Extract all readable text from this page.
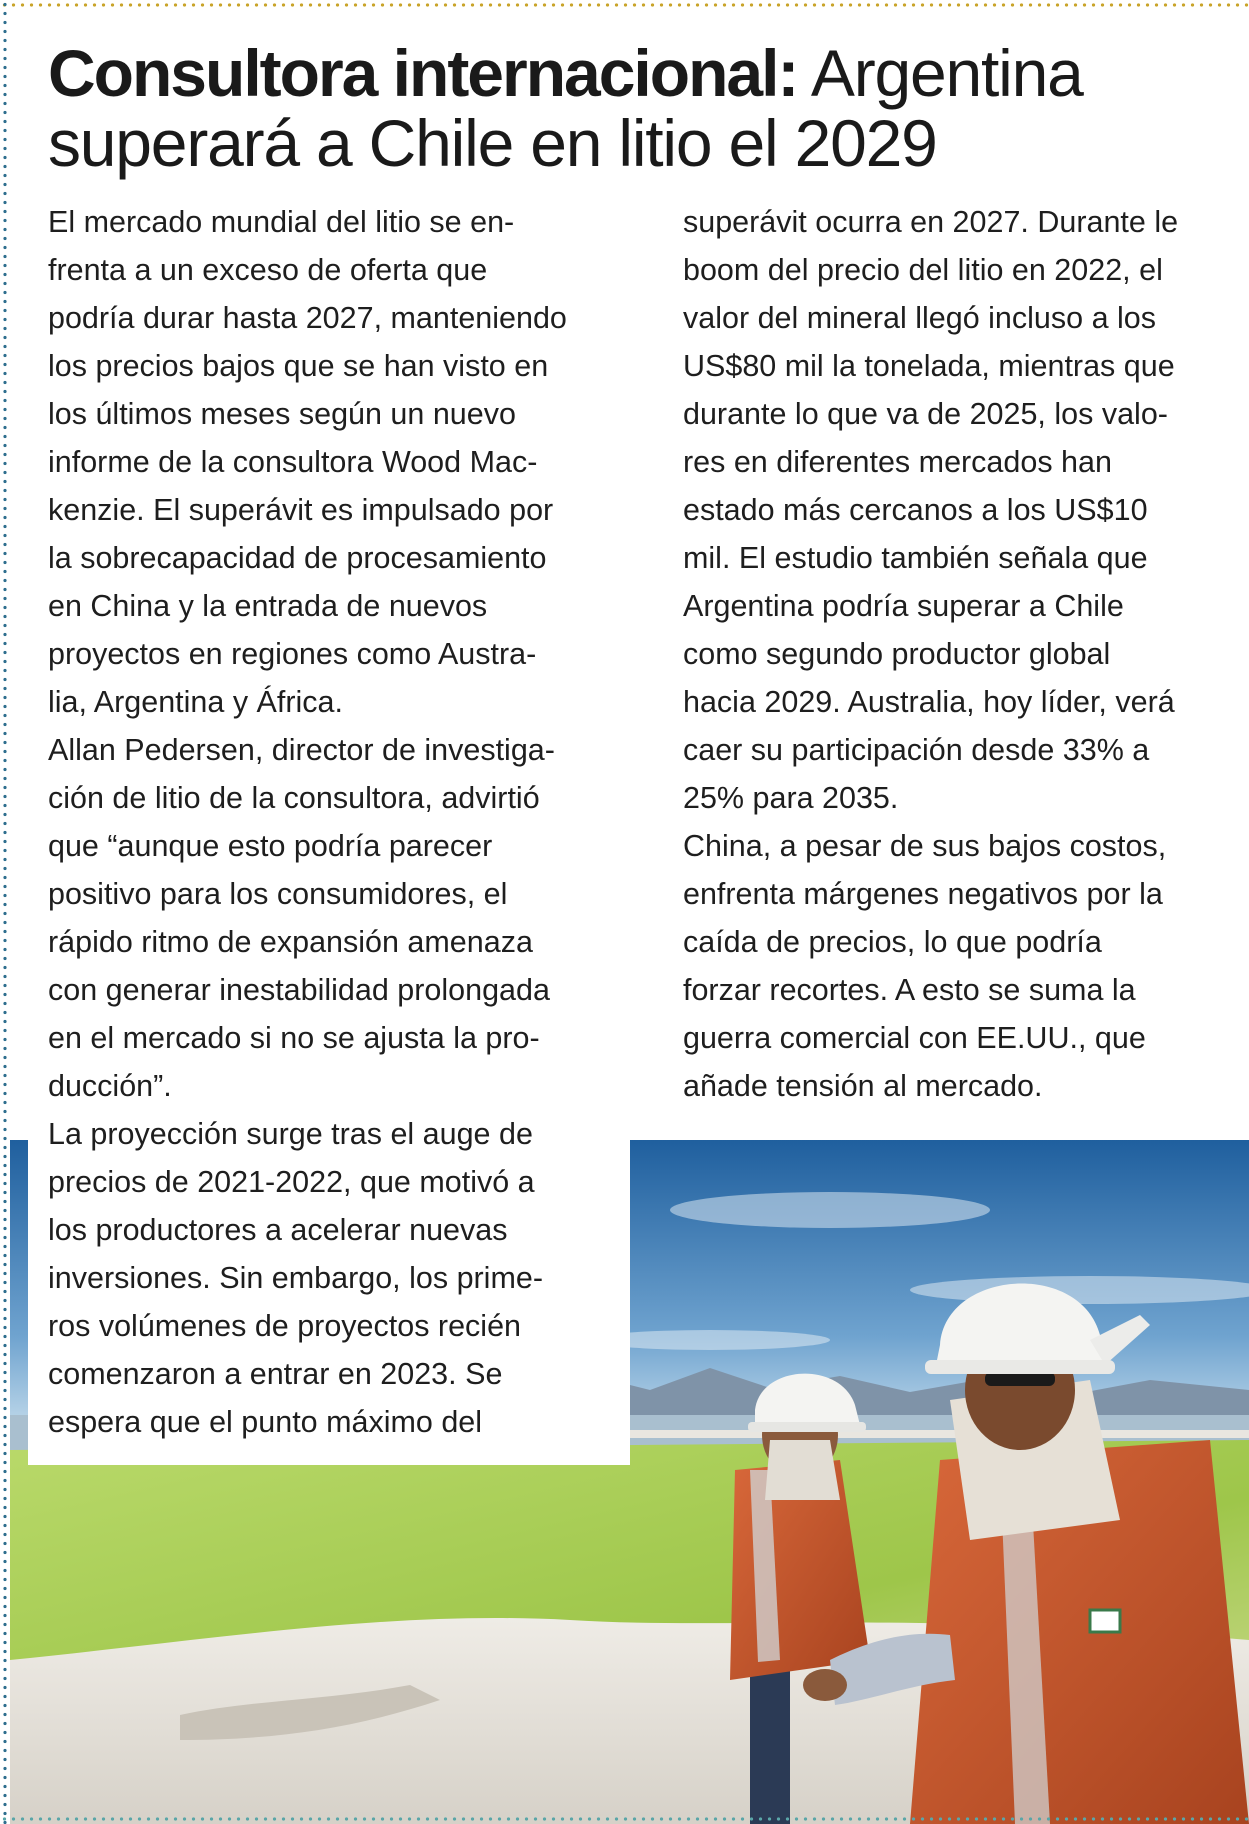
Consultora internacional: Argentina
superará a Chile en litio el 2029

El mercado mundial del litio se en-
frenta a un exceso de oferta que
podría durar hasta 2027, manteniendo
los precios bajos que se han visto en
los últimos meses según un nuevo
informe de la consultora Wood Mac-
kenzie. El superávit es impulsado por
la sobrecapacidad de procesamiento
en China y la entrada de nuevos
proyectos en regiones como Austra-
lia, Argentina y África.

Allan Pedersen, director de investiga-
ción de litio de la consultora, advirtió
que “aunque esto podría parecer
positivo para los consumidores, el
rápido ritmo de expansión amenaza
con generar inestabilidad prolongada
en el mercado si no se ajusta la pro-
ducción”.

La proyección surge tras el auge de
precios de 2021-2022, que motivó a
los productores a acelerar nuevas
inversiones. Sin embargo, los prime-
ros volúmenes de proyectos recién
comenzaron a entrar en 2023. Se
espera que el punto máximo del

superávit ocurra en 2027. Durante le
boom del precio del litio en 2022, el
valor del mineral llegó incluso a los
US$80 mil la tonelada, mientras que
durante lo que va de 2025, los valo-
res en diferentes mercados han
estado más cercanos a los US$10
mil. El estudio también señala que
Argentina podría superar a Chile
como segundo productor global
hacia 2029. Australia, hoy líder, verá
caer su participación desde 33% a
25% para 2035.

China, a pesar de sus bajos costos,
enfrenta márgenes negativos por la
caída de precios, lo que podría
forzar recortes. A esto se suma la
guerra comercial con EE.UU., que
añade tensión al mercado.
